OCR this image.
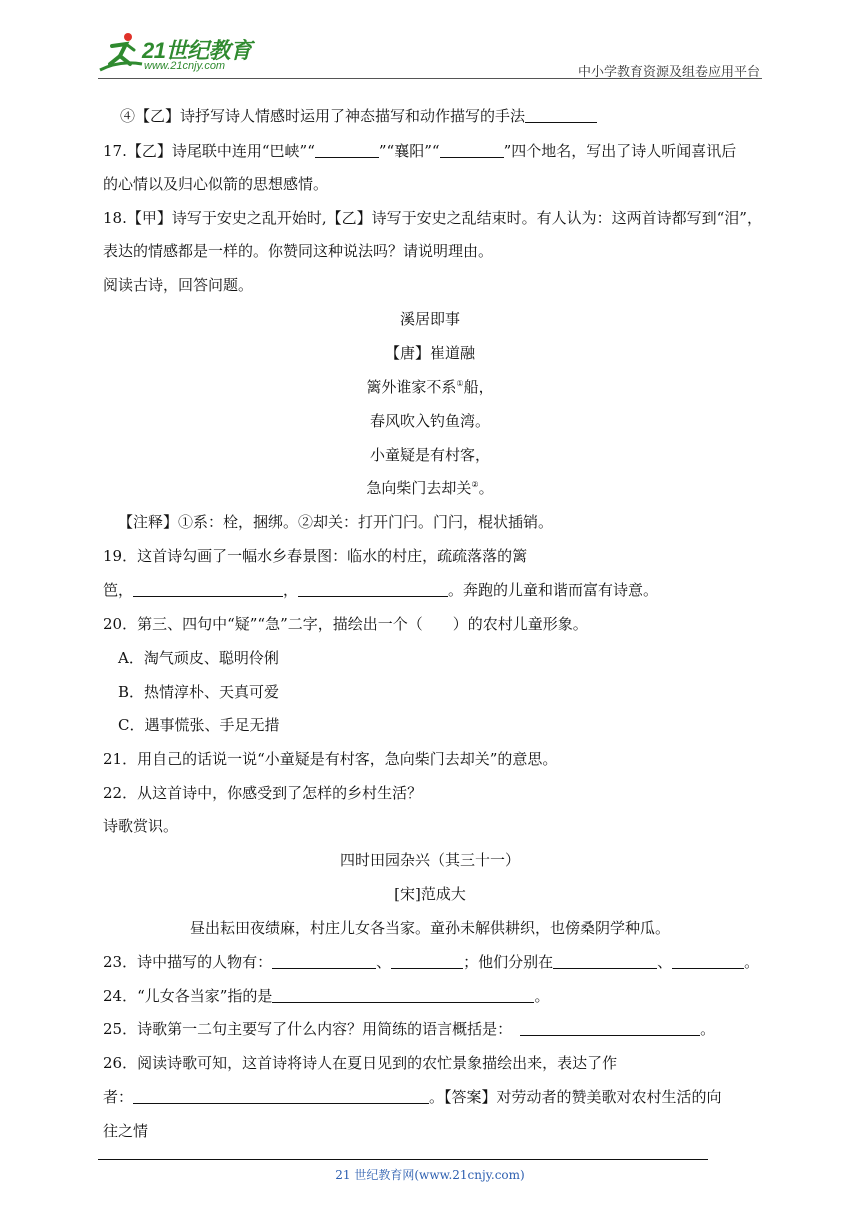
21世纪教育
www.21cnjy.com	中小学教育资源及组卷应用平台
④【乙】诗抒写诗人情感时运用了神态描写和动作描写的手法
17.【乙】诗尾联中连用“巴峡”“	”“襄阳”“	”四个地名，写出了诗人听闻喜讯后
的心情以及归心似箭的思想感情。
18.【甲】诗写于安史之乱开始时,【乙】诗写于安史之乱结束时。有人认为：这两首诗都写到“泪”，
表达的情感都是一样的。你赞同这种说法吗？请说明理由。
阅读古诗，回答问题。
溪居即事
【唐】崔道融
篱外谁家不系①船，
春风吹入钓鱼湾。
小童疑是有村客，
急向柴门去却关②。
【注释】①系：栓，捆绑。②却关：打开门闩。门闩，棍状插销。
19．这首诗勾画了一幅水乡春景图：临水的村庄，疏疏落落的篱
笆，	，	。奔跑的儿童和谐而富有诗意。
20．第三、四句中“疑”“急”二字，描绘出一个（　　）的农村儿童形象。
A．淘气顽皮、聪明伶俐
B．热情淳朴、天真可爱
C．遇事慌张、手足无措
21．用自己的话说一说“小童疑是有村客，急向柴门去却关”的意思。
22．从这首诗中，你感受到了怎样的乡村生活？
诗歌赏识。
四时田园杂兴（其三十一）
[宋]范成大
昼出耘田夜绩麻，村庄儿女各当家。童孙未解供耕织，也傍桑阴学种瓜。
23．诗中描写的人物有：	、	；他们分别在	、	。
24．“儿女各当家”指的是	。
25．诗歌第一二句主要写了什么内容？用简练的语言概括是：	。
26．阅读诗歌可知，这首诗将诗人在夏日见到的农忙景象描绘出来，表达了作
者：	。【答案】对劳动者的赞美歌对农村生活的向
往之情
21 世纪教育网(www.21cnjy.com)
